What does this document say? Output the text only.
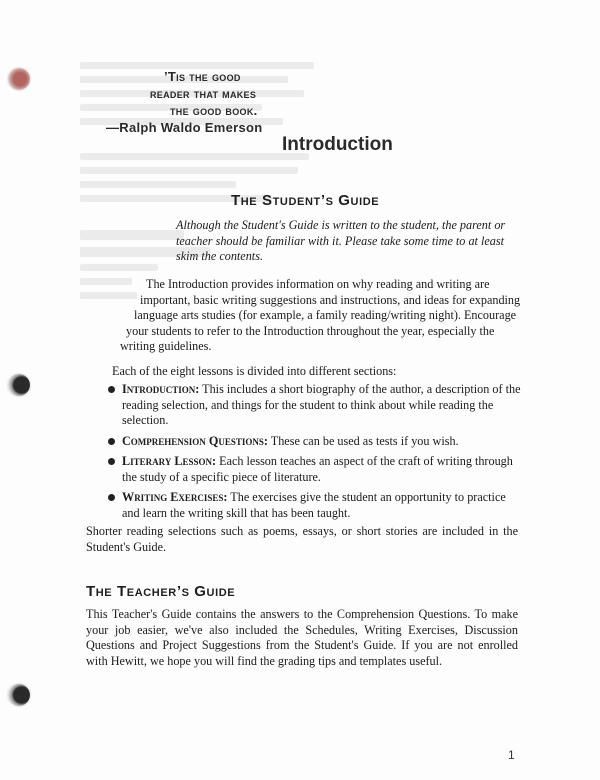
’Tis the good
reader that makes
the good book.
—Ralph Waldo Emerson
Introduction
The Student’s Guide
Although the Student's Guide is written to the student, the parent or
teacher should be familiar with it. Please take some time to at least
skim the contents.
The Introduction provides information on why reading and writing are
important, basic writing suggestions and instructions, and ideas for expanding
language arts studies (for example, a family reading/writing night). Encourage
your students to refer to the Introduction throughout the year, especially the
writing guidelines.
Each of the eight lessons is divided into different sections:
Introduction: This includes a short biography of the author, a description of the reading selection, and things for the student to think about while reading the selection.
Comprehension Questions: These can be used as tests if you wish.
Literary Lesson: Each lesson teaches an aspect of the craft of writing through the study of a specific piece of literature.
Writing Exercises: The exercises give the student an opportunity to practice and learn the writing skill that has been taught.
Shorter reading selections such as poems, essays, or short stories are included in the Student's Guide.
The Teacher’s Guide
This Teacher's Guide contains the answers to the Comprehension Questions. To make your job easier, we've also included the Schedules, Writing Exercises, Discussion Questions and Project Suggestions from the Student's Guide. If you are not enrolled with Hewitt, we hope you will find the grading tips and templates useful.
1
